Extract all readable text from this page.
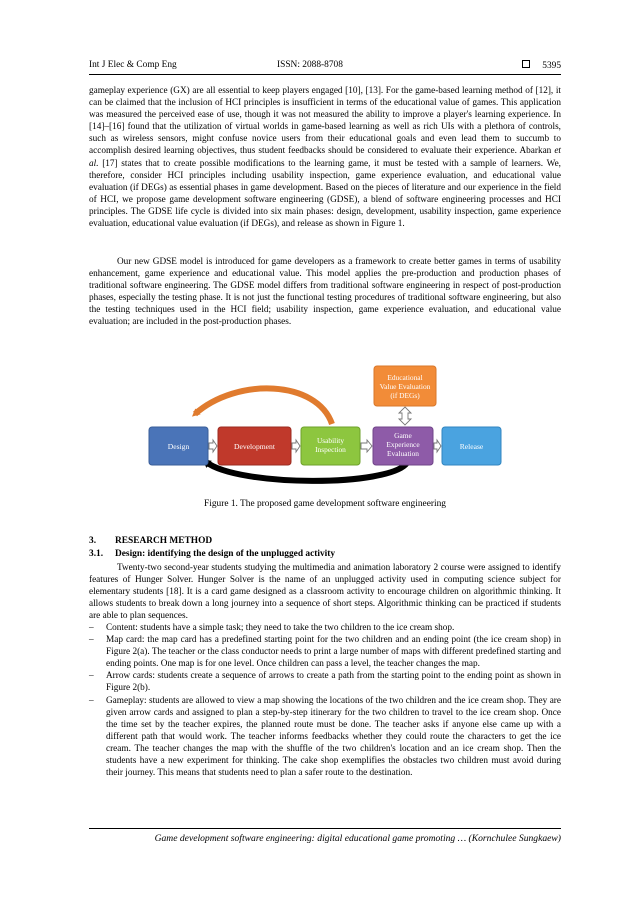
Int J Elec & Comp Eng	ISSN: 2088-8708	5395

gameplay experience (GX) are all essential to keep players engaged [10], [13]. For the game-based learning method of [12], it can be claimed that the inclusion of HCI principles is insufficient in terms of the educational value of games. This application was measured the perceived ease of use, though it was not measured the ability to improve a player's learning experience. In [14]–[16] found that the utilization of virtual worlds in game-based learning as well as rich UIs with a plethora of controls, such as wireless sensors, might confuse novice users from their educational goals and even lead them to succumb to accomplish desired learning objectives, thus student feedbacks should be considered to evaluate their experience. Abarkan et al. [17] states that to create possible modifications to the learning game, it must be tested with a sample of learners. We, therefore, consider HCI principles including usability inspection, game experience evaluation, and educational value evaluation (if DEGs) as essential phases in game development. Based on the pieces of literature and our experience in the field of HCI, we propose game development software engineering (GDSE), a blend of software engineering processes and HCI principles. The GDSE life cycle is divided into six main phases: design, development, usability inspection, game experience evaluation, educational value evaluation (if DEGs), and release as shown in Figure 1.

Our new GDSE model is introduced for game developers as a framework to create better games in terms of usability enhancement, game experience and educational value. This model applies the pre-production and production phases of traditional software engineering. The GDSE model differs from traditional software engineering in respect of post-production phases, especially the testing phase. It is not just the functional testing procedures of traditional software engineering, but also the testing techniques used in the HCI field; usability inspection, game experience evaluation, and educational value evaluation; are included in the post-production phases.

Educational
Value Evaluation
(if DEGs)
Design	Development
Usability
Inspection
Game
Experience
Evaluation
Release
Figure 1. The proposed game development software engineering
3. RESEARCH METHOD
3.1. Design: identifying the design of the unplugged activity

Twenty-two second-year students studying the multimedia and animation laboratory 2 course were assigned to identify features of Hunger Solver. Hunger Solver is the name of an unplugged activity used in computing science subject for elementary students [18]. It is a card game designed as a classroom activity to encourage children on algorithmic thinking. It allows students to break down a long journey into a sequence of short steps. Algorithmic thinking can be practiced if students are able to plan sequences.

– Content: students have a simple task; they need to take the two children to the ice cream shop.
– Map card: the map card has a predefined starting point for the two children and an ending point (the ice cream shop) in Figure 2(a). The teacher or the class conductor needs to print a large number of maps with different predefined starting and ending points. One map is for one level. Once children can pass a level, the teacher changes the map.
– Arrow cards: students create a sequence of arrows to create a path from the starting point to the ending point as shown in Figure 2(b).
– Gameplay: students are allowed to view a map showing the locations of the two children and the ice cream shop. They are given arrow cards and assigned to plan a step-by-step itinerary for the two children to travel to the ice cream shop. Once the time set by the teacher expires, the planned route must be done. The teacher asks if anyone else came up with a different path that would work. The teacher informs feedbacks whether they could route the characters to get the ice cream. The teacher changes the map with the shuffle of the two children's location and an ice cream shop. Then the students have a new experiment for thinking. The cake shop exemplifies the obstacles two children must avoid during their journey. This means that students need to plan a safer route to the destination.
Game development software engineering: digital educational game promoting … (Kornchulee Sungkaew)
